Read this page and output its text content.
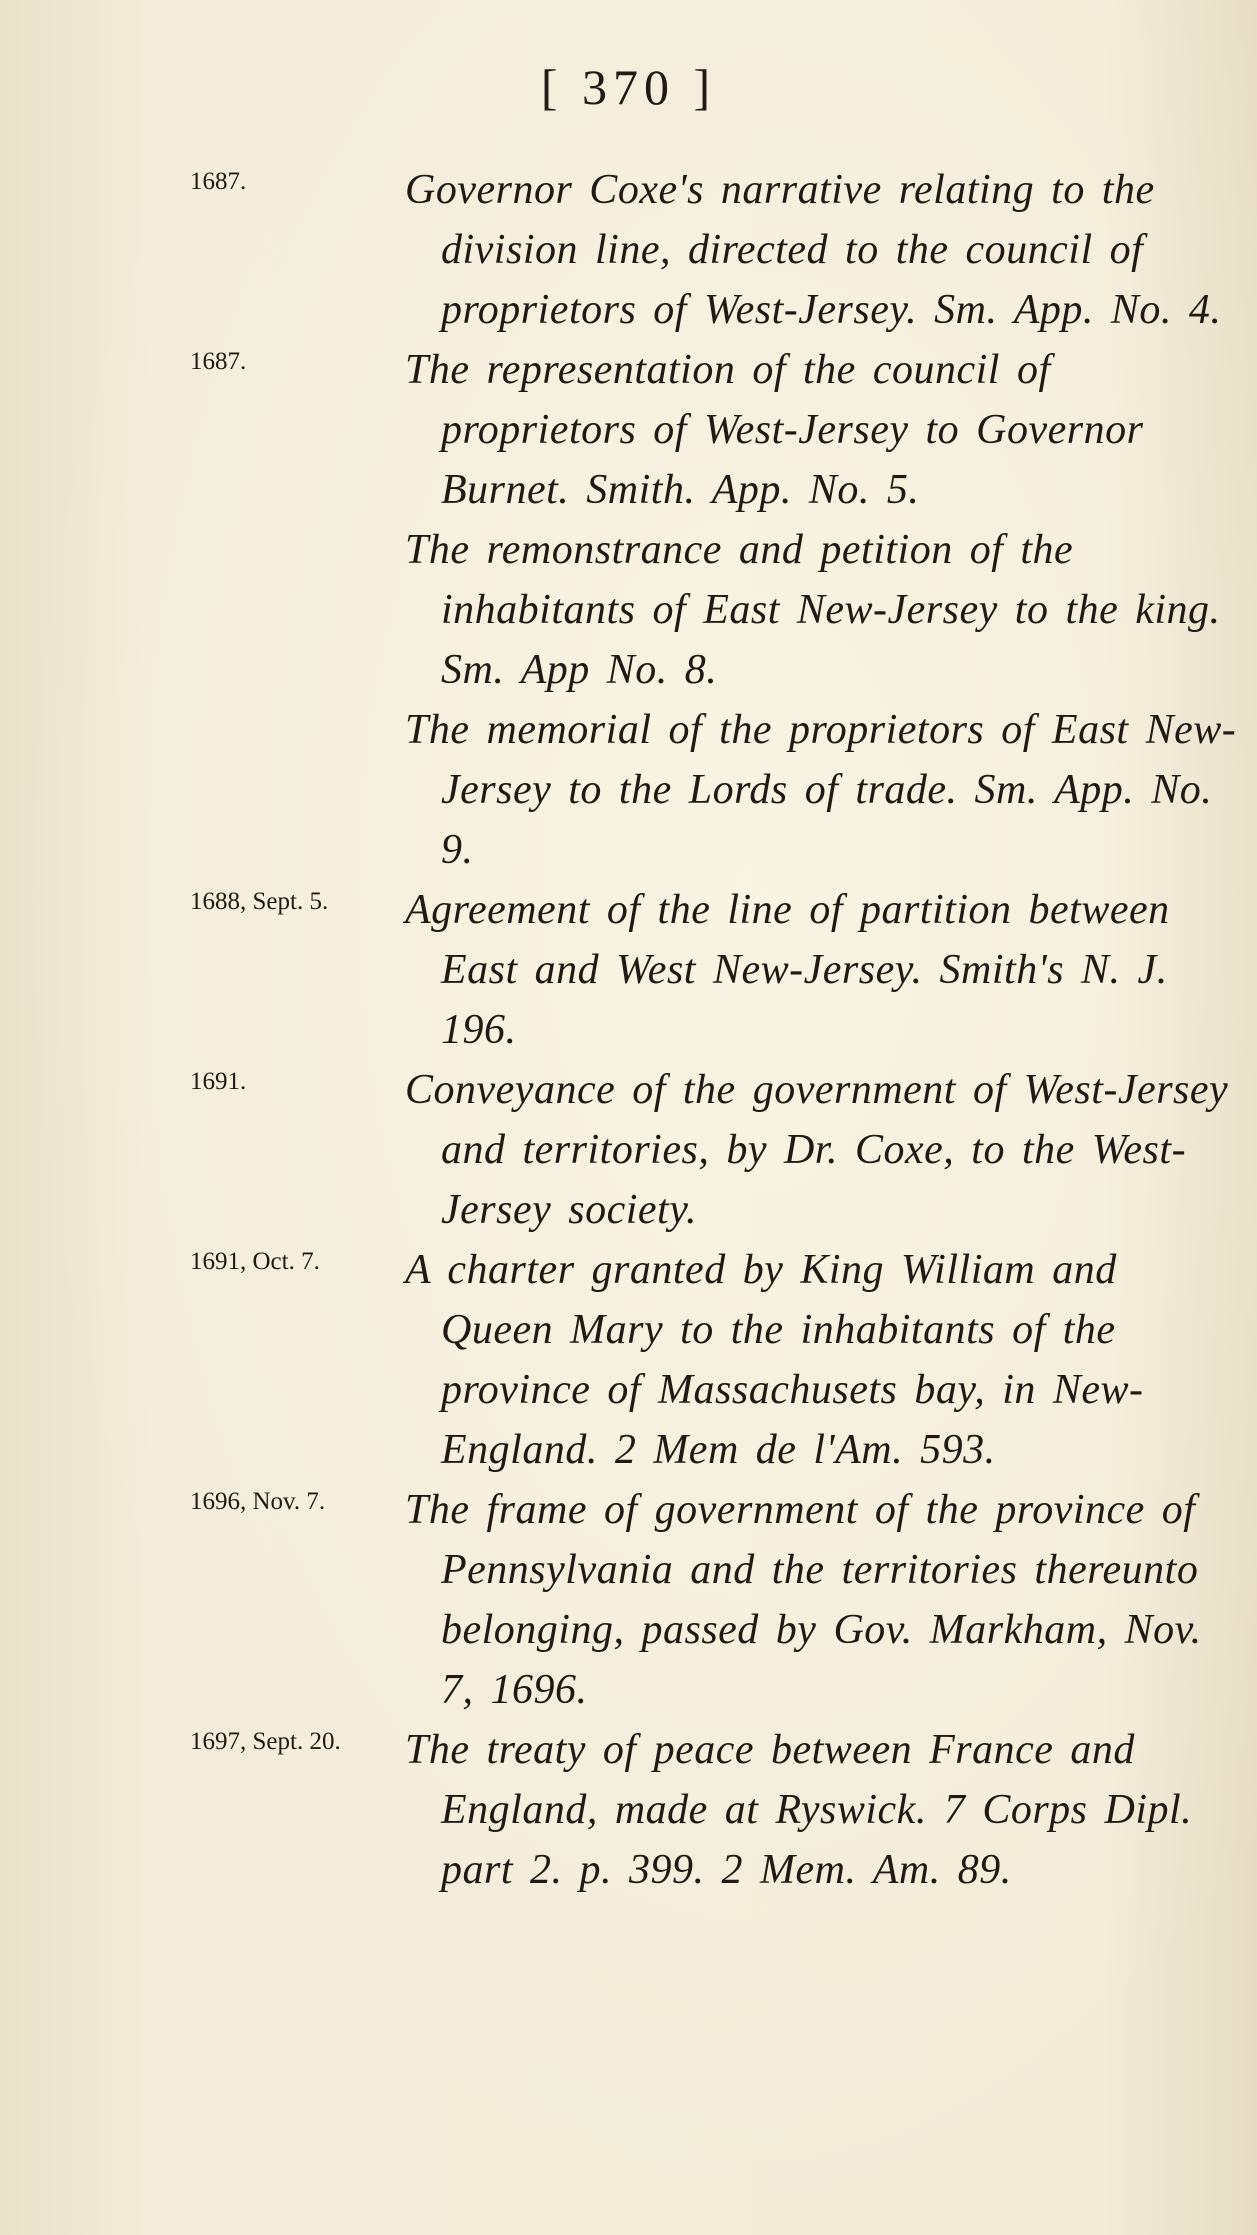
[ 370 ]
1687.	Governor Coxe's narrative relating to the division line, directed to the council of proprietors of West-Jersey. Sm. App. No. 4.
1687.	The representation of the council of proprietors of West-Jersey to Governor Burnet. Smith. App. No. 5.
The remonstrance and petition of the inhabitants of East New-Jersey to the king. Sm. App No. 8.
The memorial of the proprietors of East New-Jersey to the Lords of trade. Sm. App. No. 9.
1688, Sept. 5. Agreement of the line of partition between East and West New-Jersey. Smith's N. J. 196.
1691.	Conveyance of the government of West-Jersey and territories, by Dr. Coxe, to the West-Jersey society.
1691, Oct. 7. A charter granted by King William and Queen Mary to the inhabitants of the province of Massachusets bay, in New-England. 2 Mem de l'Am. 593.
1696, Nov. 7. The frame of government of the province of Pennsylvania and the territories thereunto belonging, passed by Gov. Markham, Nov. 7, 1696.
1697, Sept. 20. The treaty of peace between France and England, made at Ryswick. 7 Corps Dipl. part 2. p. 399. 2 Mem. Am. 89.
